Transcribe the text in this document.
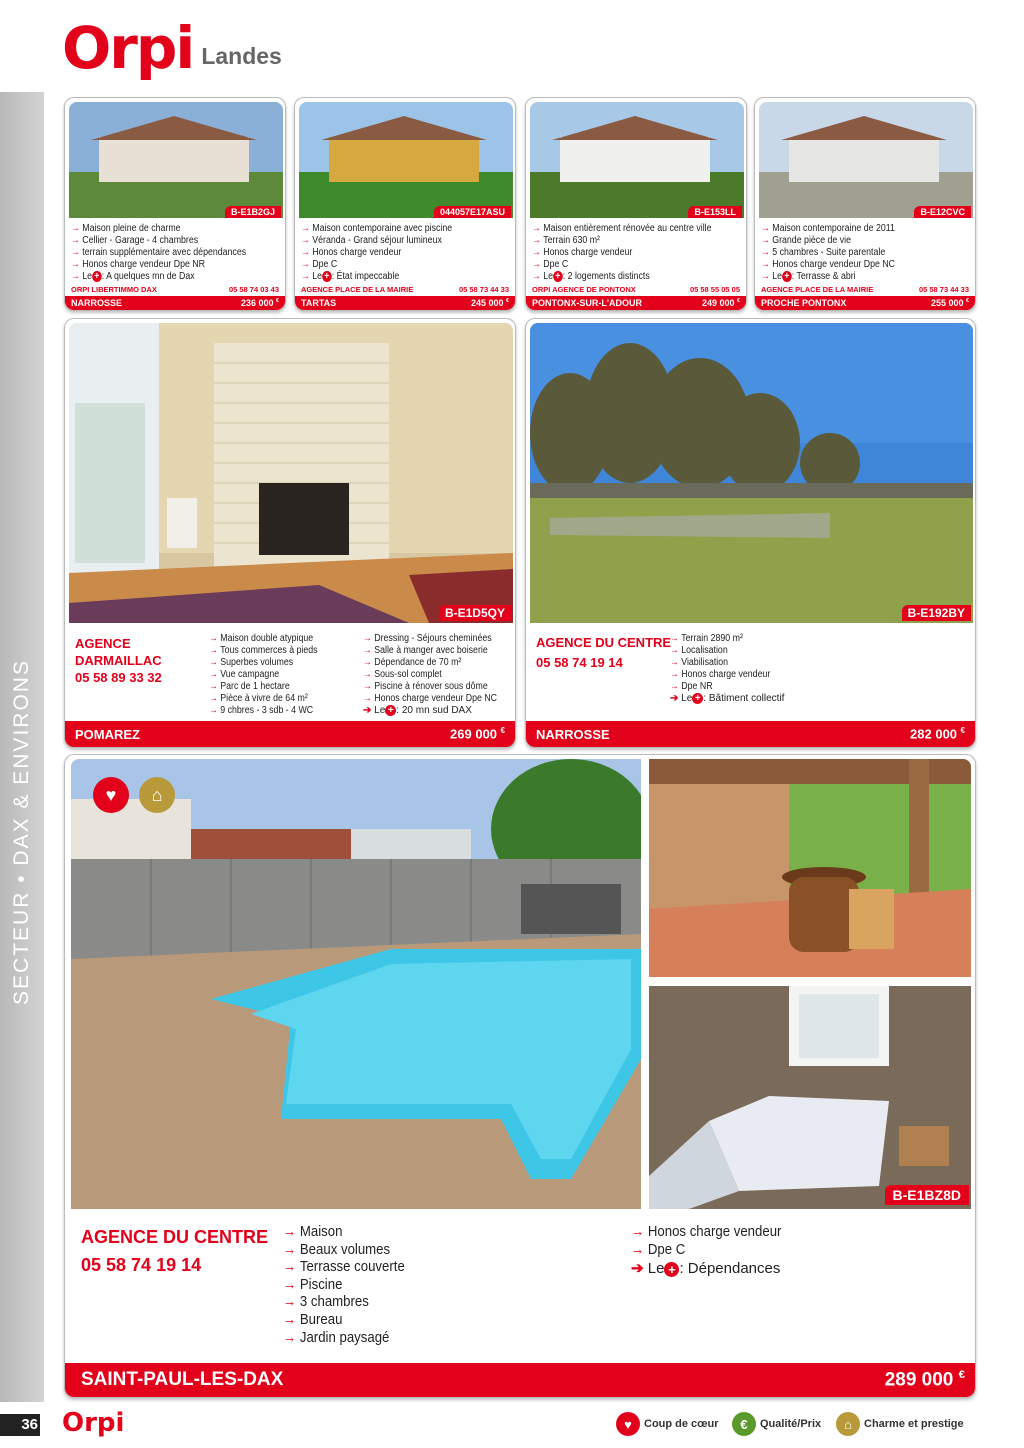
Orpi Landes
SECTEUR • DAX & ENVIRONS
B-E1B2GJ
→ Maison pleine de charme
→ Cellier - Garage - 4 chambres
→ terrain supplémentaire avec dépendances
→ Honos charge vendeur Dpe NR
→ Le + : A quelques mn de Dax
ORPI LIBERTIMMO DAX	05 58 74 03 43
NARROSSE	236 000 €
044057E17ASU
→ Maison contemporaine avec piscine
→ Véranda - Grand séjour lumineux
→ Honos charge vendeur
→ Dpe C
→ Le + : État impeccable
AGENCE PLACE DE LA MAIRIE	05 58 73 44 33
TARTAS	245 000 €
B-E153LL
→ Maison entièrement rénovée au centre ville
→ Terrain 630 m²
→ Honos charge vendeur
→ Dpe C
→ Le + : 2 logements distincts
ORPI AGENCE DE PONTONX	05 58 55 05 05
PONTONX-SUR-L'ADOUR	249 000 €
B-E12CVC
→ Maison contemporaine de 2011
→ Grande pièce de vie
→ 5 chambres - Suite parentale
→ Honos charge vendeur Dpe NC
→ Le + : Terrasse & abri
AGENCE PLACE DE LA MAIRIE	05 58 73 44 33
PROCHE PONTONX	255 000 €
B-E1D5QY
AGENCE DARMAILLAC
05 58 89 33 32
→ Maison double atypique
→ Tous commerces à pieds
→ Superbes volumes
→ Vue campagne
→ Parc de 1 hectare
→ Pièce à vivre de 64 m²
→ 9 chbres - 3 sdb - 4 WC
→ Dressing - Séjours cheminées
→ Salle à manger avec boiserie
→ Dépendance de 70 m²
→ Sous-sol complet
→ Piscine à rénover sous dôme
→ Honos charge vendeur Dpe NC
➔ Le + : 20 mn sud DAX
POMAREZ	269 000 €
B-E192BY
AGENCE DU CENTRE
05 58 74 19 14
→ Terrain 2890 m²
→ Localisation
→ Viabilisation
→ Honos charge vendeur
→ Dpe NR
➔ Le + : Bâtiment collectif
NARROSSE	282 000 €
♥	⌂
B-E1BZ8D
AGENCE DU CENTRE
05 58 74 19 14
→ Maison
→ Beaux volumes
→ Terrasse couverte
→ Piscine
→ 3 chambres
→ Bureau
→ Jardin paysagé
→ Honos charge vendeur
→ Dpe C
➔ Le + : Dépendances
SAINT-PAUL-LES-DAX	289 000 €
36 Orpi	♥	Coup de cœur	€	Qualité/Prix	⌂	Charme et prestige
